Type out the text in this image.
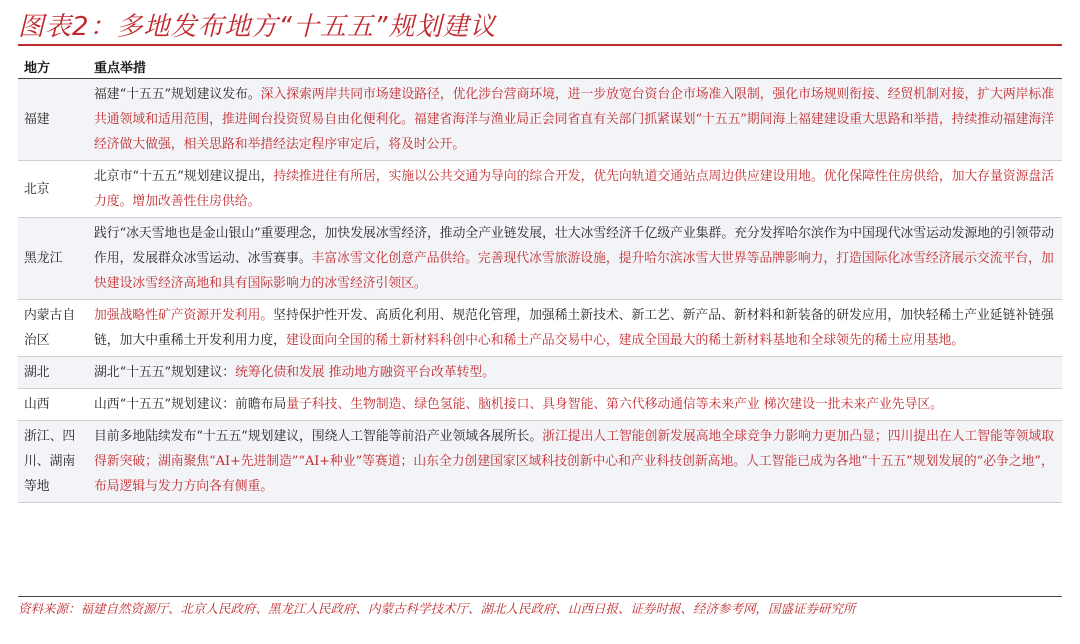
图表2：多地发布地方“十五五”规划建议
地方	重点举措
福建	福建“十五五”规划建议发布。深入探索两岸共同市场建设路径，优化涉台营商环境，进一步放宽台资台企市场准入限制，强化市场规则衔接、经贸机制对接，扩大两岸标准共通领域和适用范围，推进闽台投资贸易自由化便利化。福建省海洋与渔业局正会同省直有关部门抓紧谋划“十五五”期间海上福建建设重大思路和举措，持续推动福建海洋经济做大做强，相关思路和举措经法定程序审定后，将及时公开。
北京	北京市“十五五”规划建议提出，持续推进住有所居，实施以公共交通为导向的综合开发，优先向轨道交通站点周边供应建设用地。优化保障性住房供给，加大存量资源盘活力度。增加改善性住房供给。
黑龙江	践行“冰天雪地也是金山银山”重要理念，加快发展冰雪经济，推动全产业链发展，壮大冰雪经济千亿级产业集群。充分发挥哈尔滨作为中国现代冰雪运动发源地的引领带动作用，发展群众冰雪运动、冰雪赛事。丰富冰雪文化创意产品供给。完善现代冰雪旅游设施，提升哈尔滨冰雪大世界等品牌影响力，打造国际化冰雪经济展示交流平台，加快建设冰雪经济高地和具有国际影响力的冰雪经济引领区。
内蒙古自治区	加强战略性矿产资源开发利用。坚持保护性开发、高质化利用、规范化管理，加强稀土新技术、新工艺、新产品、新材料和新装备的研发应用，加快轻稀土产业延链补链强链，加大中重稀土开发利用力度，建设面向全国的稀土新材料科创中心和稀土产品交易中心，建成全国最大的稀土新材料基地和全球领先的稀土应用基地。
湖北	湖北“十五五”规划建议：统筹化债和发展 推动地方融资平台改革转型。
山西	山西“十五五”规划建议：前瞻布局量子科技、生物制造、绿色氢能、脑机接口、具身智能、第六代移动通信等未来产业 梯次建设一批未来产业先导区。
浙江、四川、湖南等地	目前多地陆续发布“十五五”规划建议，围绕人工智能等前沿产业领域各展所长。浙江提出人工智能创新发展高地全球竞争力影响力更加凸显；四川提出在人工智能等领域取得新突破；湖南聚焦“AI+先进制造”“AI+种业”等赛道；山东全力创建国家区域科技创新中心和产业科技创新高地。人工智能已成为各地“十五五”规划发展的“必争之地”，布局逻辑与发力方向各有侧重。
资料来源：福建自然资源厅、北京人民政府、黑龙江人民政府、内蒙古科学技术厅、湖北人民政府、山西日报、证券时报、经济参考网，国盛证券研究所
